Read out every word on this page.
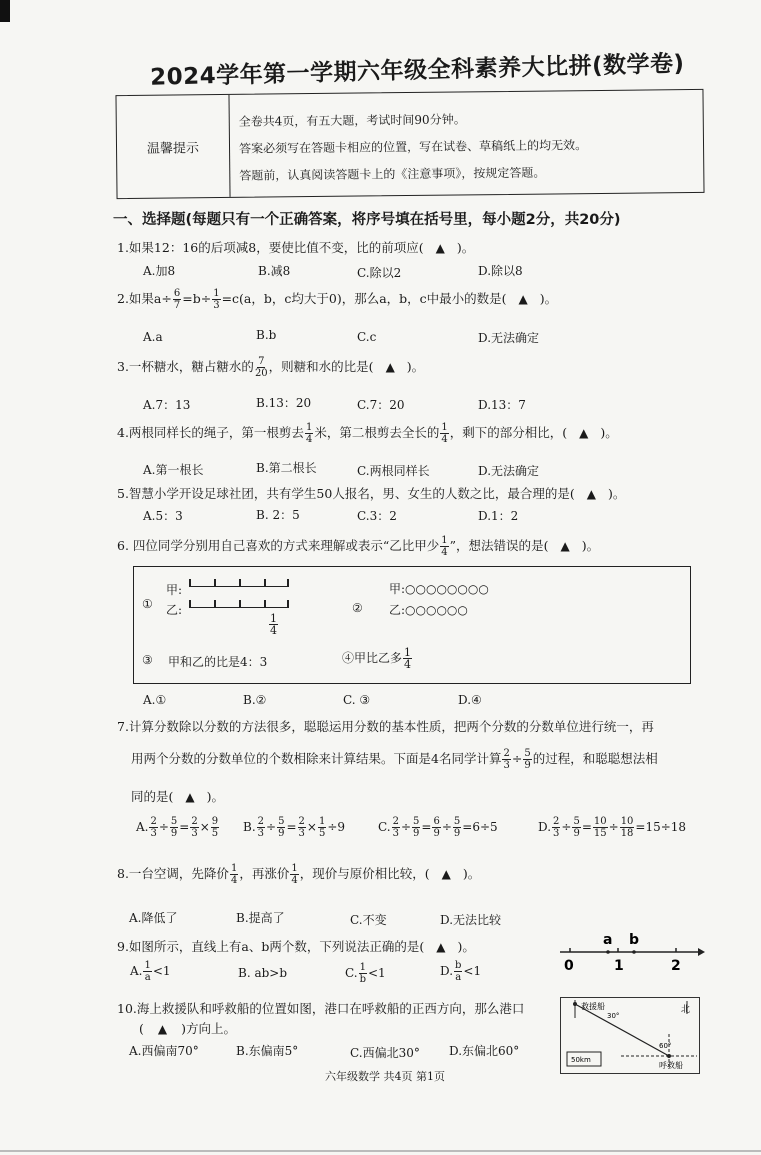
2024学年第一学期六年级全科素养大比拼(数学卷)
温馨提示
全卷共4页，有五大题，考试时间90分钟。
答案必须写在答题卡相应的位置，写在试卷、草稿纸上的均无效。
答题前，认真阅读答题卡上的《注意事项》，按规定答题。
一、选择题(每题只有一个正确答案，将序号填在括号里，每小题2分，共20分)
1.如果12：16的后项减8，要使比值不变，比的前项应( ▲ )。
A.加8	B.减8	C.除以2	D.除以8
2.如果$a\div \frac{6}{7} =b\div \frac{1}{3} =c(a$，b，c均大于0)，那么a，b，c中最小的数是( ▲ )。
A.a	B.b	C.c	D.无法确定
3.一杯糖水，糖占糖水的 $\frac{7}{20}$ ，则糖和水的比是( ▲ )。
A.7：13	B.13：20	C.7：20	D.13：7
4.两根同样长的绳子，第一根剪去 $\frac{1}{4}$ 米，第二根剪去全长的 $\frac{1}{4}$ ，剩下的部分相比，( ▲ )。
A.第一根长	B.第二根长	C.两根同样长	D.无法确定
5.智慧小学开设足球社团，共有学生50人报名，男、女生的人数之比，最合理的是( ▲ )。
A.5：3	B. 2：5	C.3：2	D.1：2
6. 四位同学分别用自己喜欢的方式来理解或表示“乙比甲少 $\frac{1}{4}$ ”，想法错误的是( ▲ )。
①
甲:
乙:
$\frac{1}{4}$
甲:○○○○○○○○
② 乙:○○○○○○
③ 甲和乙的比是4：3	④甲比乙多 $\frac{1}{4}$
A.①	B.②	C. ③	D.④
7.计算分数除以分数的方法很多，聪聪运用分数的基本性质，把两个分数的分数单位进行统一，再
用两个分数的分数单位的个数相除来计算结果。下面是4名同学计算 $\frac{2}{3} \div \frac{5}{9}$ 的过程，和聪聪想法相
同的是( ▲ )。
A. $\frac{2}{3} \div \frac{5}{9} = \frac{2}{3} \times \frac{9}{5} B$. $\frac{2}{3} \div \frac{5}{9} = \frac{2}{3} \times \frac{1}{5} \div 9$	C. $\frac{2}{3} \div \frac{5}{9} = \frac{6}{9} \div \frac{5}{9} =6\div 5$	D. $\frac{2}{3} \div \frac{5}{9} = \frac{10}{15} \div \frac{10}{18} =15\div 18$
8.一台空调，先降价 $\frac{1}{4}$ ，再涨价 $\frac{1}{4}$ ，现价与原价相比较，( ▲ )。
A.降低了	B.提高了	C.不变	D.无法比较
9.如图所示，直线上有a、b两个数，下列说法正确的是( ▲ )。
A. $\frac{1}{a} <1$	B. ab>b	C. $\frac{1}{b} <1$	D. $\frac{b}{a} <1$
a b
0	1	2
10.海上救援队和呼救船的位置如图，港口在呼救船的正西方向，那么港口
( ▲ )方向上。
A.西偏南70°	B.东偏南5°	C.西偏北30° D.东偏北60°
救援船
30°
60°
北
呼救船
50km
六年级数学 共4页 第1页
